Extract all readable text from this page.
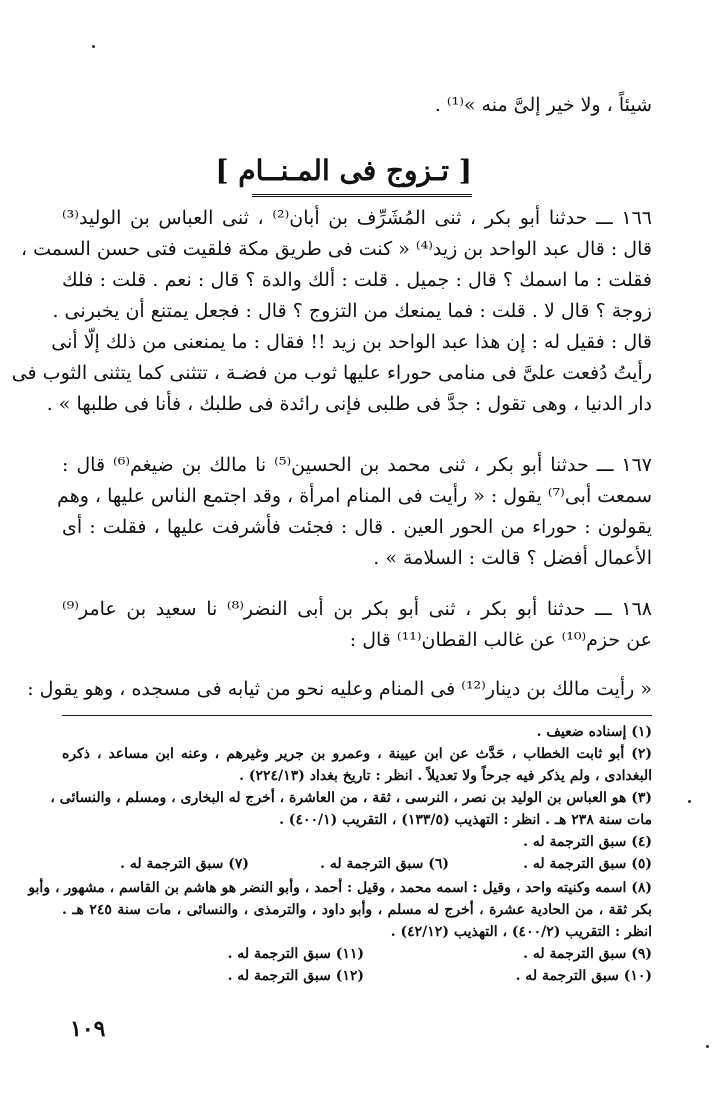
شيئاً ، ولا خير إلىَّ منه »⁽¹⁾ .
[ تـزوج فى المـنــام ]
١٦٦ ـــ حدثنا أبو بكر ، ثنى المُشَرِّف بن أبان⁽²⁾ ، ثنى العباس بن الوليد⁽³⁾
قال : قال عبد الواحد بن زيد⁽⁴⁾ « كنت فى طريق مكة فلقيت فتى حسن السمت ،
فقلت : ما اسمك ؟ قال : جميل . قلت : ألك والدة ؟ قال : نعم . قلت : فلك
زوجة ؟ قال لا . قلت : فما يمنعك من التزوج ؟ قال : فجعل يمتنع أن يخبرنى .
قال : فقيل له : إن هذا عبد الواحد بن زيد !! فقال : ما يمنعنى من ذلك إلّا أنى
رأيتُ دُفعت علىَّ فى منامى حوراء عليها ثوب من فضـة ، تتثنى كما يتثنى الثوب فى
دار الدنيا ، وهى تقول : جدَّ فى طلبى فإنى رائدة فى طلبك ، فأنا فى طلبها » .
١٦٧ ـــ حدثنا أبو بكر ، ثنى محمد بن الحسين⁽⁵⁾ نا مالك بن ضيغم⁽⁶⁾ قال :
سمعت أبى⁽⁷⁾ يقول : « رأيت فى المنام امرأة ، وقد اجتمع الناس عليها ، وهم
يقولون : حوراء من الحور العين . قال : فجئت فأشرفت عليها ، فقلت : أى
الأعمال أفضل ؟ قالت : السلامة » .
١٦٨ ـــ حدثنا أبو بكر ، ثنى أبو بكر بن أبى النضر⁽⁸⁾ نا سعيد بن عامر⁽⁹⁾
عن حزم⁽¹⁰⁾ عن غالب القطان⁽¹¹⁾ قال :
« رأيت مالك بن دينار⁽¹²⁾ فى المنام وعليه نحو من ثيابه فى مسجده ، وهو يقول :
(١) إسناده ضعيف .
(٢) أبو ثابت الخطاب ، حَدَّث عن ابن عيينة ، وعمرو بن جرير وغيرهم ، وعنه ابن مساعد ، ذكره
البغدادى ، ولم يذكر فيه جرحاً ولا تعديلاً . انظر : تاريخ بغداد (٢٢٤/١٣) .
(٣) هو العباس بن الوليد بن نصر ، النرسى ، ثقة ، من العاشرة ، أخرج له البخارى ، ومسلم ، والنسائى ،
مات سنة ٢٣٨ هـ . انظر : التهذيب (١٣٣/٥) ، التقريب (٤٠٠/١) .
(٤) سبق الترجمة له .
(٥) سبق الترجمة له .
(٦) سبق الترجمة له .
(٧) سبق الترجمة له .
(٨) اسمه وكنيته واحد ، وقيل : اسمه محمد ، وقيل : أحمد ، وأبو النضر هو هاشم بن القاسم ، مشهور ، وأبو
بكر ثقة ، من الحادية عشرة ، أخرج له مسلم ، وأبو داود ، والترمذى ، والنسائى ، مات سنة ٢٤٥ هـ .
انظر : التقريب (٤٠٠/٢) ، التهذيب (٤٢/١٢) .
(٩) سبق الترجمة له .
(١١) سبق الترجمة له .
(١٠) سبق الترجمة له .
(١٢) سبق الترجمة له .
١٠٩
